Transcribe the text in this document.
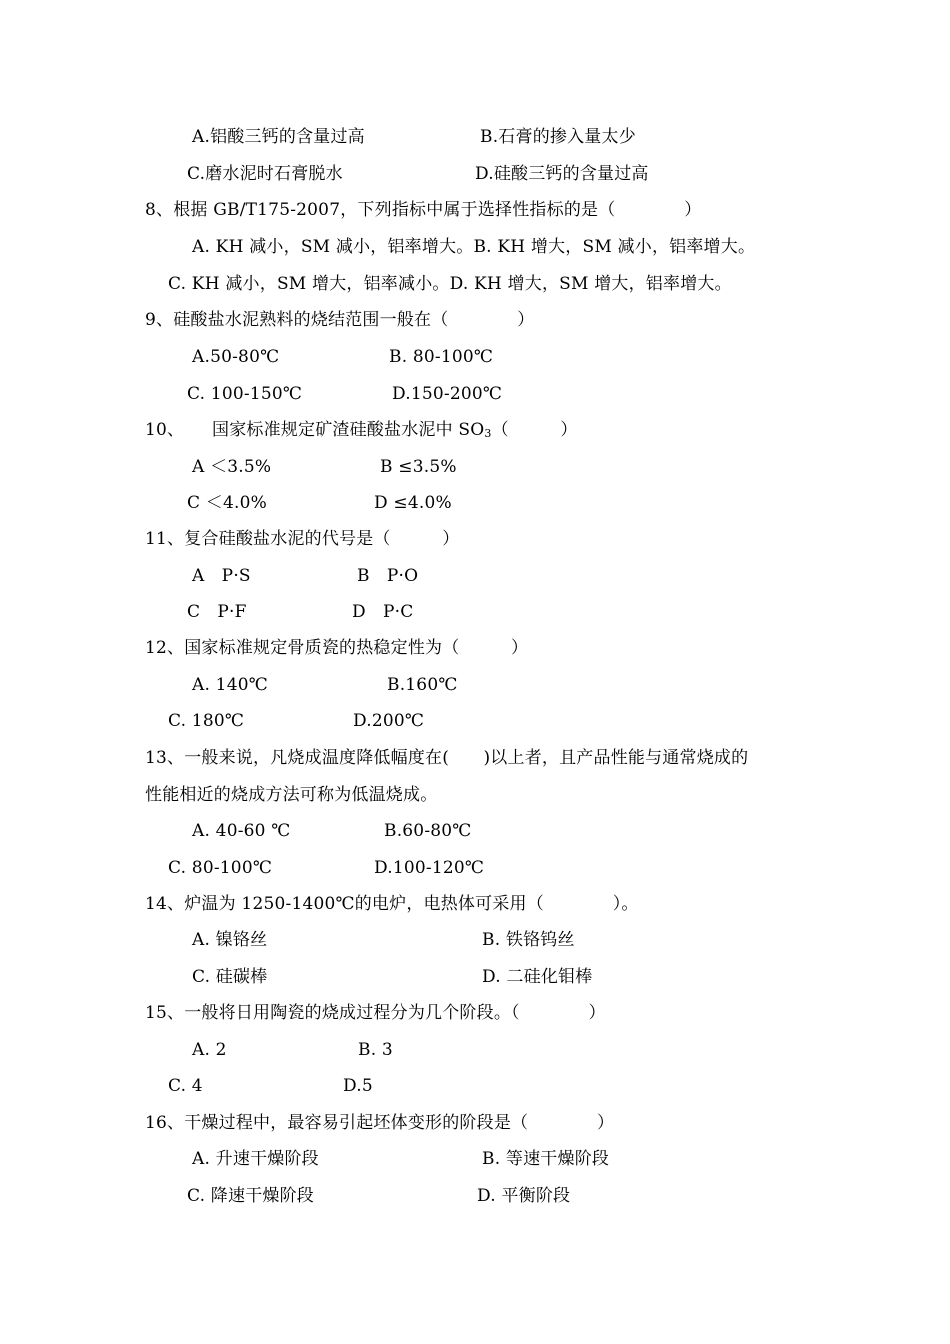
A.铝酸三钙的含量过高	B.石膏的掺入量太少
C.磨水泥时石膏脱水	D.硅酸三钙的含量过高
8、根据 GB/T175-2007，下列指标中属于选择性指标的是（　　　　）
A. KH 减小，SM 减小，铝率增大。B. KH 增大，SM 减小，铝率增大。
C. KH 减小，SM 增大，铝率减小。D. KH 增大，SM 增大，铝率增大。
9、硅酸盐水泥熟料的烧结范围一般在（　　　　）
A.50-80℃	B. 80-100℃
C. 100-150℃	D.150-200℃
10、 国家标准规定矿渣硅酸盐水泥中 $SO_3$（　　　）
A ＜3.5%	B ≤3.5%
C ＜4.0%	D ≤4.0%
11、复合硅酸盐水泥的代号是（　　　）
A　P·S	B　P·O
C　P·F	D　P·C
12、国家标准规定骨质瓷的热稳定性为（　　　）
A. 140℃	B.160℃
C. 180℃	D.200℃
13、一般来说，凡烧成温度降低幅度在(　　)以上者，且产品性能与通常烧成的
性能相近的烧成方法可称为低温烧成。
A. 40-60 ℃	B.60-80℃
C. 80-100℃	D.100-120℃
14、炉温为 1250-1400℃的电炉，电热体可采用（　　　　）。
A. 镍铬丝	B. 铁铬钨丝
C. 硅碳棒	D. 二硅化钼棒
15、一般将日用陶瓷的烧成过程分为几个阶段。（　　　　）
A. 2	B. 3
C. 4	D.5
16、干燥过程中，最容易引起坯体变形的阶段是（　　　　）
A. 升速干燥阶段	B. 等速干燥阶段
C. 降速干燥阶段	D. 平衡阶段
